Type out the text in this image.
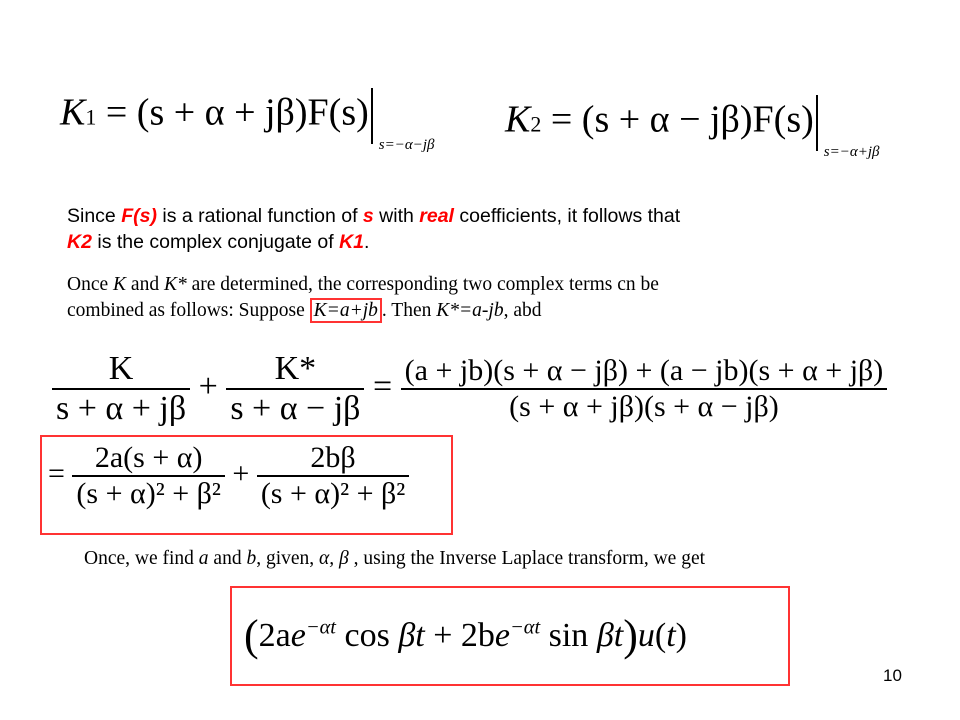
K1 = (s + α + jβ)F(s)
s=−α−jβ
K2 = (s + α − jβ)F(s)
s=−α+jβ
Since F(s) is a rational function of s with real coefficients, it follows that
K2 is the complex conjugate of K1.
Once K and K* are determined, the corresponding two complex terms cn be
combined as follows: Suppose K=a+jb . Then K*=a-jb, abd
$\frac{K}{s + \alpha + j\beta} + \frac{K*}{s + \alpha - j\beta} = \frac{(a + jb)(s + \alpha - j\beta) + (a - jb)(s + \alpha + j\beta)}{(s + \alpha + j\beta)(s + \alpha - j\beta)}$
= $\frac{2a(s + \alpha)}{\text{(s + α)² + β²}} + \frac{2b\beta}{\text{(s + α)² + β²}}$
Once, we find a and b, given, α, β , using the Inverse Laplace transform, we get
($2ae^{-\alpha t}$ $\cos \beta t + 2be^{-\alpha t}$ sin βt)u(t)
10
